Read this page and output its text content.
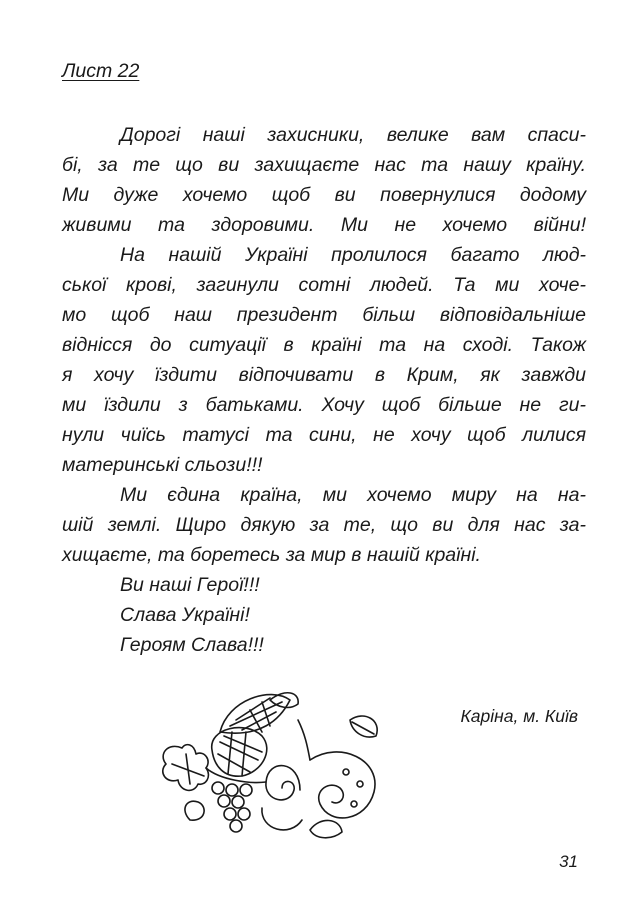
Лист 22
Дорогі наші захисники, велике вам спаси-
бі, за те що ви захищаєте нас та нашу країну.
Ми дуже хочемо щоб ви повернулися додому
живими та здоровими. Ми не хочемо війни!
На нашій Україні пролилося багато люд-
ської крові, загинули сотні людей. Та ми хоче-
мо щоб наш президент більш відповідальніше
віднісся до ситуації в країні та на сході. Також
я хочу їздити відпочивати в Крим, як завжди
ми їздили з батьками. Хочу щоб більше не ги-
нули чиїсь татусі та сини, не хочу щоб лилися
материнські сльози!!!
Ми єдина країна, ми хочемо миру на на-
шій землі. Щиро дякую за те, що ви для нас за-
хищаєте, та боретесь за мир в нашій країні.
Ви наші Герої!!!
Слава Україні!
Героям Слава!!!
Каріна, м. Київ
31
